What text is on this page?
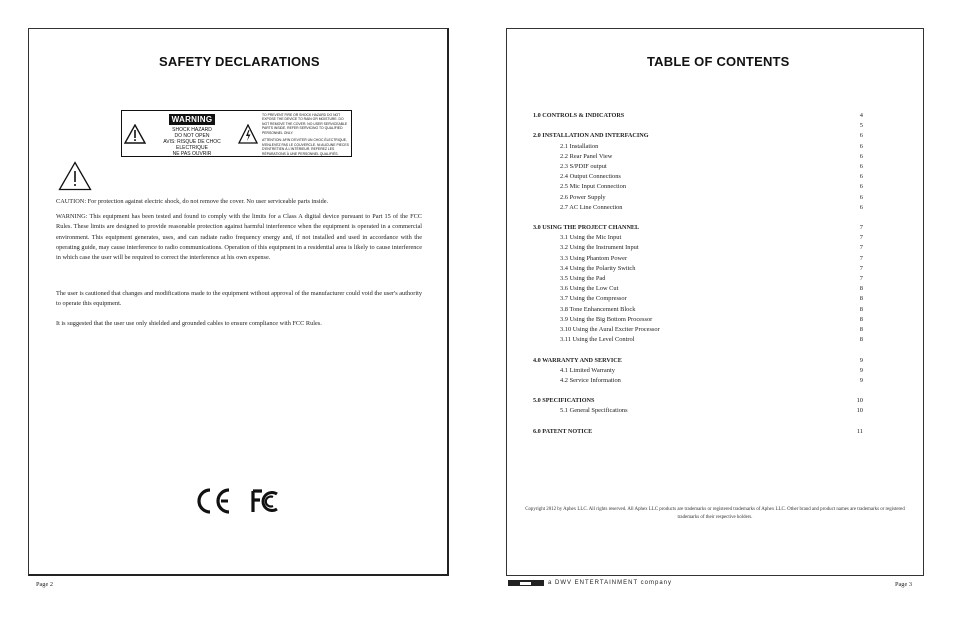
SAFETY DECLARATIONS
WARNING
SHOCK HAZARD
DO NOT OPEN
AVIS: RISQUE DE CHOC ELECTRIQUE
NE PAS OUVRIR

TO PREVENT FIRE OR SHOCK HAZARD DO NOT EXPOSE THE DEVICE TO RAIN OR MOISTURE. DO NOT REMOVE THE COVER. NO USER SERVICEABLE PARTS INSIDE. REFER SERVICING TO QUALIFIED PERSONNEL ONLY.

ATTENTION: AFIN D'EVITER UN CHOC ÉLECTRIQUE, N'ENLEVEZ PAS LE COUVERCLE. NI AUCUNE PIECES D'ENTRETIEN À L'INTÉRIEUR. REFEREZ LES RÉPARATIONS À UNE PERSONNEL QUALIFIÉS.

CAUTION: For protection against electric shock, do not remove the cover. No user serviceable parts inside.

WARNING: This equipment has been tested and found to comply with the limits for a Class A digital device pursuant to Part 15 of the FCC Rules. These limits are designed to provide reasonable protection against harmful interference when the equipment is operated in a commercial environment. This equipment generates, uses, and can radiate radio frequency energy and, if not installed and used in accordance with the operating guide, may cause interference to radio communications. Operation of this equipment in a residential area is likely to cause interference in which case the user will be required to correct the interference at his own expense.

The user is cautioned that changes and modifications made to the equipment without approval of the manufacturer could void the user's authority to operate this equipment.

It is suggested that the user use only shielded and grounded cables to ensure compliance with FCC Rules.

Page 2
TABLE OF CONTENTS
1.0 CONTROLS & INDICATORS	4
5
2.0 INSTALLATION AND INTERFACING	6
2.1 Installation	6
2.2 Rear Panel View	6
2.3 S/PDIF output	6
2.4 Output Connections	6
2.5 Mic Input Connection	6
2.6 Power Supply	6
2.7 AC Line Connection	6
3.0 USING THE PROJECT CHANNEL	7
3.1 Using the Mic Input	7
3.2 Using the Instrument Input	7
3.3 Using Phantom Power	7
3.4 Using the Polarity Switch	7
3.5 Using the Pad	7
3.6 Using the Low Cut	8
3.7 Using the Compressor	8
3.8 Tone Enhancement Block	8
3.9 Using the Big Bottom Processor	8
3.10 Using the Aural Exciter Processor	8
3.11 Using the Level Control	8
4.0 WARRANTY AND SERVICE	9
4.1 Limited Warranty	9
4.2 Service Information	9
5.0 SPECIFICATIONS	10
5.1 General Specifications	10
6.0 PATENT NOTICE	11

Copyright 2012 by Aphex LLC. All rights reserved. All Aphex LLC products are trademarks or registered trademarks of Aphex LLC. Other brand and product names are trademarks or registered trademarks of their respective holders.

a DWV ENTERTAINMENT company	Page 3
